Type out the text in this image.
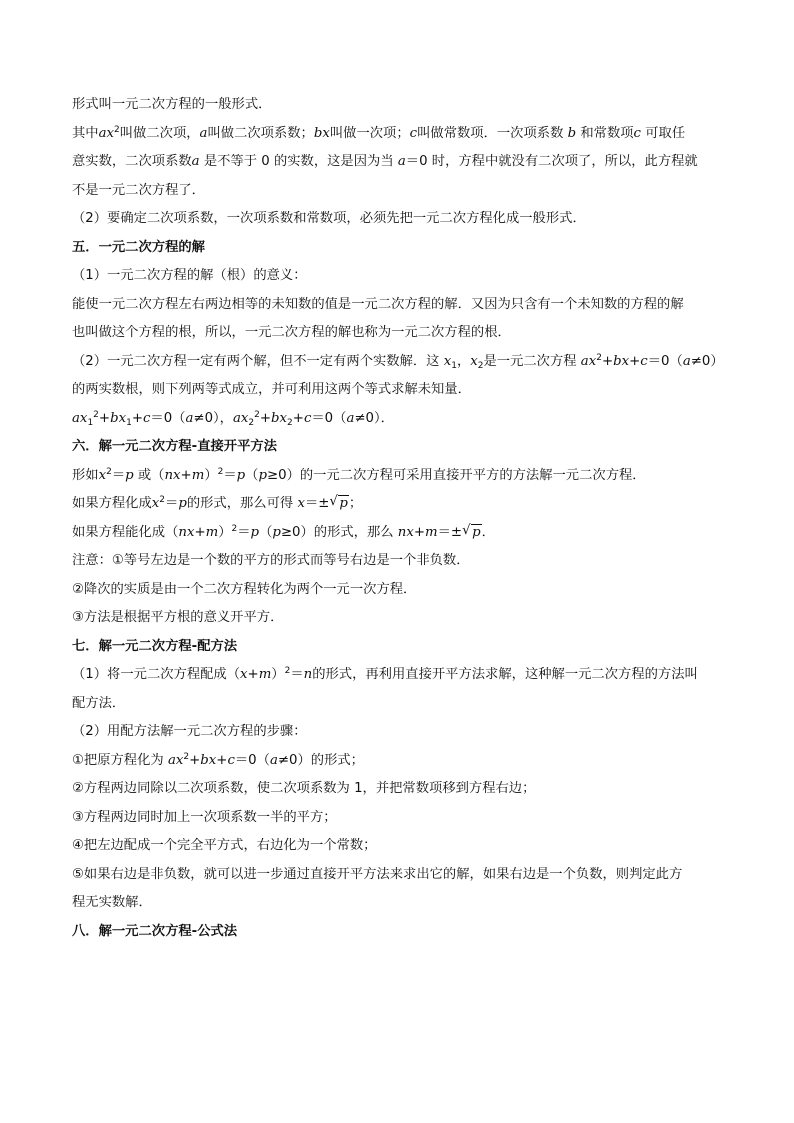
形式叫一元二次方程的一般形式．
其中$ax^2$叫做二次项，a叫做二次项系数；bx叫做一次项；c叫做常数项．一次项系数 b 和常数项c 可取任
意实数，二次项系数a 是不等于 0 的实数，这是因为当 a＝0 时，方程中就没有二次项了，所以，此方程就
不是一元二次方程了．
（2）要确定二次项系数，一次项系数和常数项，必须先把一元二次方程化成一般形式．
五．一元二次方程的解
（1）一元二次方程的解（根）的意义：
能使一元二次方程左右两边相等的未知数的值是一元二次方程的解．又因为只含有一个未知数的方程的解
也叫做这个方程的根，所以，一元二次方程的解也称为一元二次方程的根．
（2）一元二次方程一定有两个解，但不一定有两个实数解．这 $x_1$，$x_2$是一元二次方程 $ax^2+bx+c=0(a\ne 0)$
的两实数根，则下列两等式成立，并可利用这两个等式求解未知量．
$ax_1^2+bx_1+c=0(a\ne 0)$，$ax_2^2+bx_2+c=0(a\ne 0)$．
六．解一元二次方程-直接开平方法
形如$x^2=p$ 或$(nx+m)^2=p(p\ge 0)$的一元二次方程可采用直接开平方的方法解一元二次方程．
如果方程化成$x^2=p$的形式，那么可得 x＝± √ p；
如果方程能化成$(nx+m)^2=p(p\ge 0)$的形式，那么 nx+m＝± √ p．
注意：①等号左边是一个数的平方的形式而等号右边是一个非负数．
②降次的实质是由一个二次方程转化为两个一元一次方程．
③方法是根据平方根的意义开平方．
七．解一元二次方程-配方法
（1）将一元二次方程配成$(x+m)^2=n$的形式，再利用直接开平方法求解，这种解一元二次方程的方法叫
配方法．
（2）用配方法解一元二次方程的步骤：
①把原方程化为 $ax^2+bx+c=0(a\ne 0)$的形式；
②方程两边同除以二次项系数，使二次项系数为 1，并把常数项移到方程右边；
③方程两边同时加上一次项系数一半的平方；
④把左边配成一个完全平方式，右边化为一个常数；
⑤如果右边是非负数，就可以进一步通过直接开平方法来求出它的解，如果右边是一个负数，则判定此方
程无实数解．
八．解一元二次方程-公式法
